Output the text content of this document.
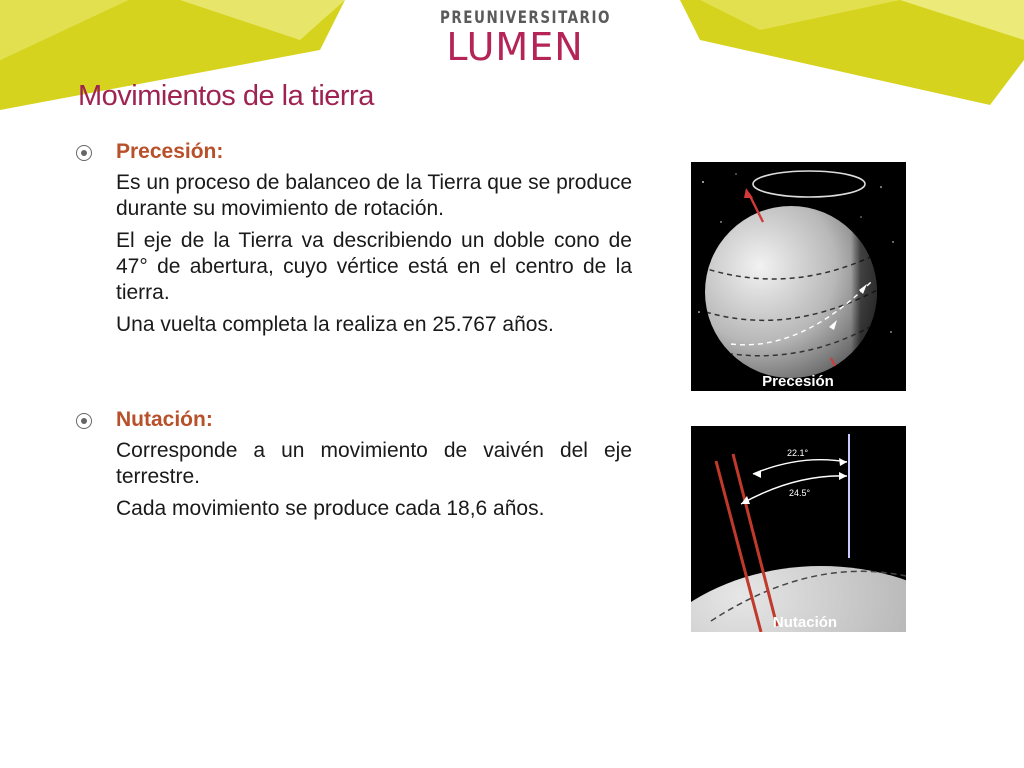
PREUNIVERSITARIO
LUMEN
Movimientos de la tierra

Precesión:

Es un proceso de balanceo de la Tierra que se produce durante su movimiento de rotación.

El eje de la Tierra va describiendo un doble cono de 47° de abertura, cuyo vértice está en el centro de la tierra.

Una vuelta completa la realiza en 25.767 años.

Nutación:

Corresponde a un movimiento de vaivén del eje terrestre.

Cada movimiento se produce cada 18,6 años.

Precesión
22.1°
24.5°
Nutación
